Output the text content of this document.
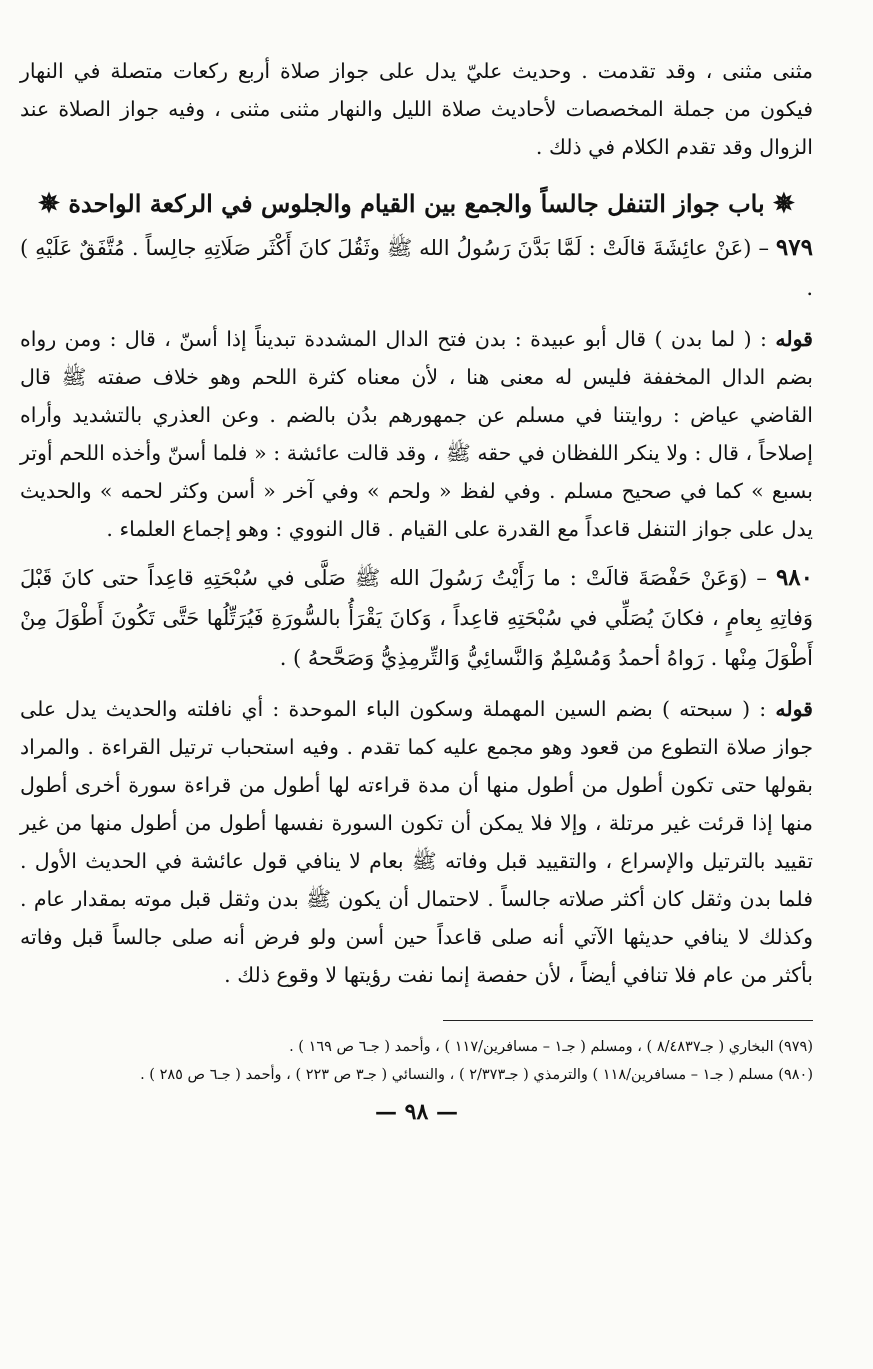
مثنى مثنى ، وقد تقدمت . وحديث عليّ يدل على جواز صلاة أربع ركعات متصلة في النهار فيكون من جملة المخصصات لأحاديث صلاة الليل والنهار مثنى مثنى ، وفيه جواز الصلاة عند الزوال وقد تقدم الكلام في ذلك .

✵ باب جواز التنفل جالساً والجمع بين القيام والجلوس في الركعة الواحدة ✵

٩٧٩ – (عَنْ عائِشَةَ قالَتْ : لَمَّا بَدَّنَ رَسُولُ الله ﷺ وثَقُلَ كانَ أَكْثَر صَلَاتِهِ جالِساً . مُتَّفَقٌ عَلَيْهِ ) .

قوله : ( لما بدن ) قال أبو عبيدة : بدن فتح الدال المشددة تبديناً إذا أسنّ ، قال : ومن رواه بضم الدال المخففة فليس له معنى هنا ، لأن معناه كثرة اللحم وهو خلاف صفته ﷺ قال القاضي عياض : روايتنا في مسلم عن جمهورهم بدُن بالضم . وعن العذري بالتشديد وأراه إصلاحاً ، قال : ولا ينكر اللفظان في حقه ﷺ ، وقد قالت عائشة : « فلما أسنّ وأخذه اللحم أوتر بسبع » كما في صحيح مسلم . وفي لفظ « ولحم » وفي آخر « أسن وكثر لحمه » والحديث يدل على جواز التنفل قاعداً مع القدرة على القيام . قال النووي : وهو إجماع العلماء .

٩٨٠ – (وَعَنْ حَفْصَةَ قالَتْ : ما رَأَيْتُ رَسُولَ الله ﷺ صَلَّى في سُبْحَتِهِ قاعِداً حتى كانَ قَبْلَ وَفاتِهِ بِعامٍ ، فكانَ يُصَلِّي في سُبْحَتِهِ قاعِداً ، وَكانَ يَقْرَأُ بالسُّورَةِ فَيُرَتِّلُها حَتَّى تَكُونَ أَطْوَلَ مِنْ أَطْوَلَ مِنْها . رَواهُ أحمدُ وَمُسْلِمٌ وَالنَّسائِيُّ وَالتِّرمِذِيُّ وَصَحَّحهُ ) .

قوله : ( سبحته ) بضم السين المهملة وسكون الباء الموحدة : أي نافلته والحديث يدل على جواز صلاة التطوع من قعود وهو مجمع عليه كما تقدم . وفيه استحباب ترتيل القراءة . والمراد بقولها حتى تكون أطول من أطول منها أن مدة قراءته لها أطول من قراءة سورة أخرى أطول منها إذا قرئت غير مرتلة ، وإلا فلا يمكن أن تكون السورة نفسها أطول من أطول منها من غير تقييد بالترتيل والإسراع ، والتقييد قبل وفاته ﷺ بعام لا ينافي قول عائشة في الحديث الأول . فلما بدن وثقل كان أكثر صلاته جالساً . لاحتمال أن يكون ﷺ بدن وثقل قبل موته بمقدار عام . وكذلك لا ينافي حديثها الآتي أنه صلى قاعداً حين أسن ولو فرض أنه صلى جالساً قبل وفاته بأكثر من عام فلا تنافي أيضاً ، لأن حفصة إنما نفت رؤيتها لا وقوع ذلك .

(٩٧٩) البخاري ( جـ٨/٤٨٣٧ ) ، ومسلم ( جـ١ – مسافرين/١١٧ ) ، وأحمد ( جـ٦ ص ١٦٩ ) .

(٩٨٠) مسلم ( جـ١ – مسافرين/١١٨ ) والترمذي ( جـ٢/٣٧٣ ) ، والنسائي ( جـ٣ ص ٢٢٣ ) ، وأحمد ( جـ٦ ص ٢٨٥ ) .

— ٩٨ —
